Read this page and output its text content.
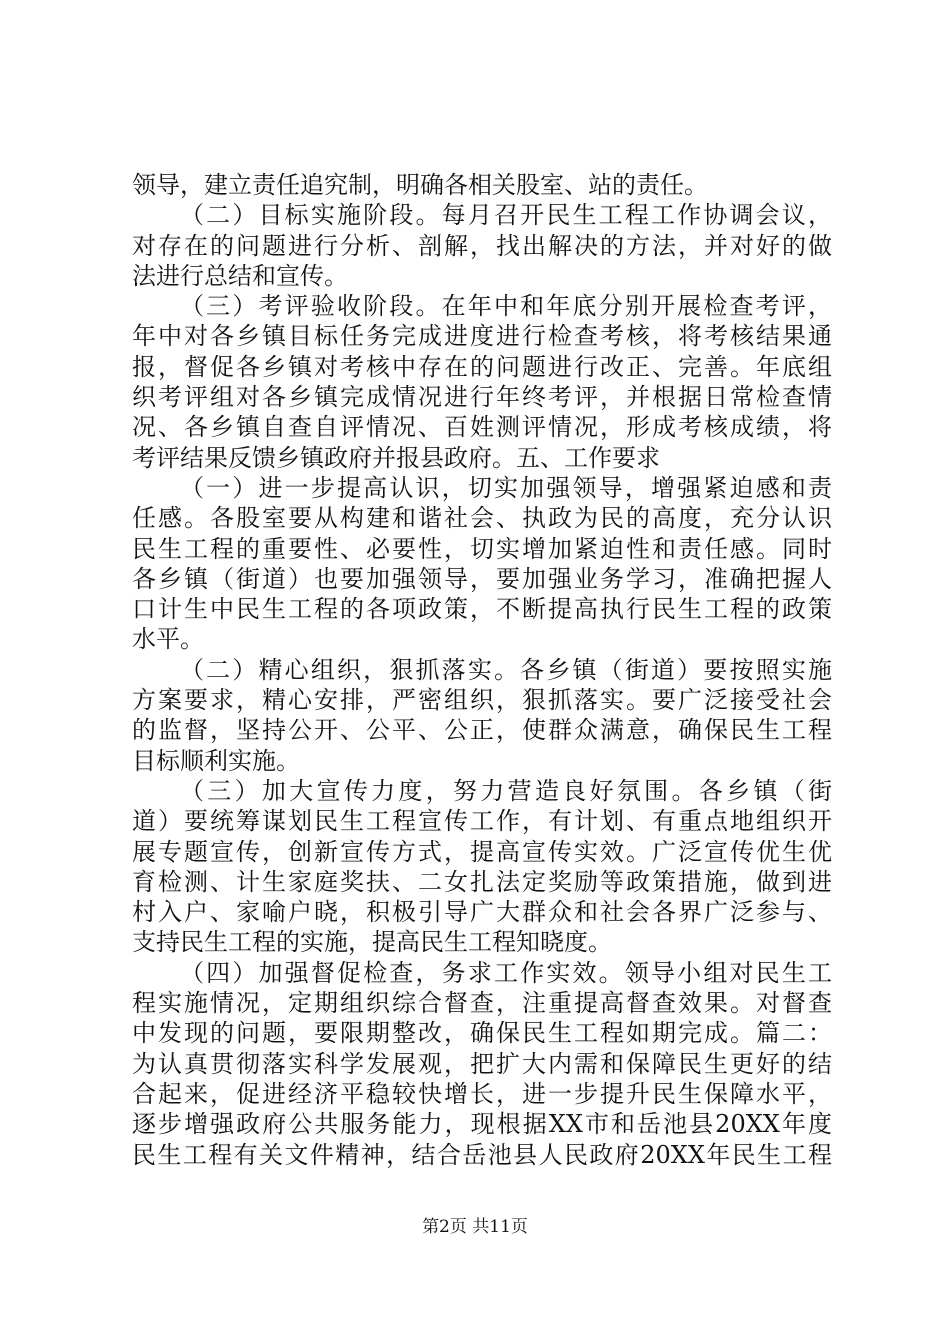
领导，建立责任追究制，明确各相关股室、站的责任。
（二）目标实施阶段。每月召开民生工程工作协调会议，
对存在的问题进行分析、剖解，找出解决的方法，并对好的做
法进行总结和宣传。
（三）考评验收阶段。在年中和年底分别开展检查考评，
年中对各乡镇目标任务完成进度进行检查考核，将考核结果通
报，督促各乡镇对考核中存在的问题进行改正、完善。年底组
织考评组对各乡镇完成情况进行年终考评，并根据日常检查情
况、各乡镇自查自评情况、百姓测评情况，形成考核成绩，将
考评结果反馈乡镇政府并报县政府。五、工作要求
（一）进一步提高认识，切实加强领导，增强紧迫感和责
任感。各股室要从构建和谐社会、执政为民的高度，充分认识
民生工程的重要性、必要性，切实增加紧迫性和责任感。同时
各乡镇（街道）也要加强领导，要加强业务学习，准确把握人
口计生中民生工程的各项政策，不断提高执行民生工程的政策
水平。
（二）精心组织，狠抓落实。各乡镇（街道）要按照实施
方案要求，精心安排，严密组织，狠抓落实。要广泛接受社会
的监督，坚持公开、公平、公正，使群众满意，确保民生工程
目标顺利实施。
（三）加大宣传力度，努力营造良好氛围。各乡镇（街
道）要统筹谋划民生工程宣传工作，有计划、有重点地组织开
展专题宣传，创新宣传方式，提高宣传实效。广泛宣传优生优
育检测、计生家庭奖扶、二女扎法定奖励等政策措施，做到进
村入户、家喻户晓，积极引导广大群众和社会各界广泛参与、
支持民生工程的实施，提高民生工程知晓度。
（四）加强督促检查，务求工作实效。领导小组对民生工
程实施情况，定期组织综合督查，注重提高督查效果。对督查
中发现的问题，要限期整改，确保民生工程如期完成。篇二：
为认真贯彻落实科学发展观，把扩大内需和保障民生更好的结
合起来，促进经济平稳较快增长，进一步提升民生保障水平，
逐步增强政府公共服务能力，现根据XX市和岳池县20XX年度
民生工程有关文件精神，结合岳池县人民政府20XX年民生工程
第2页 共11页
